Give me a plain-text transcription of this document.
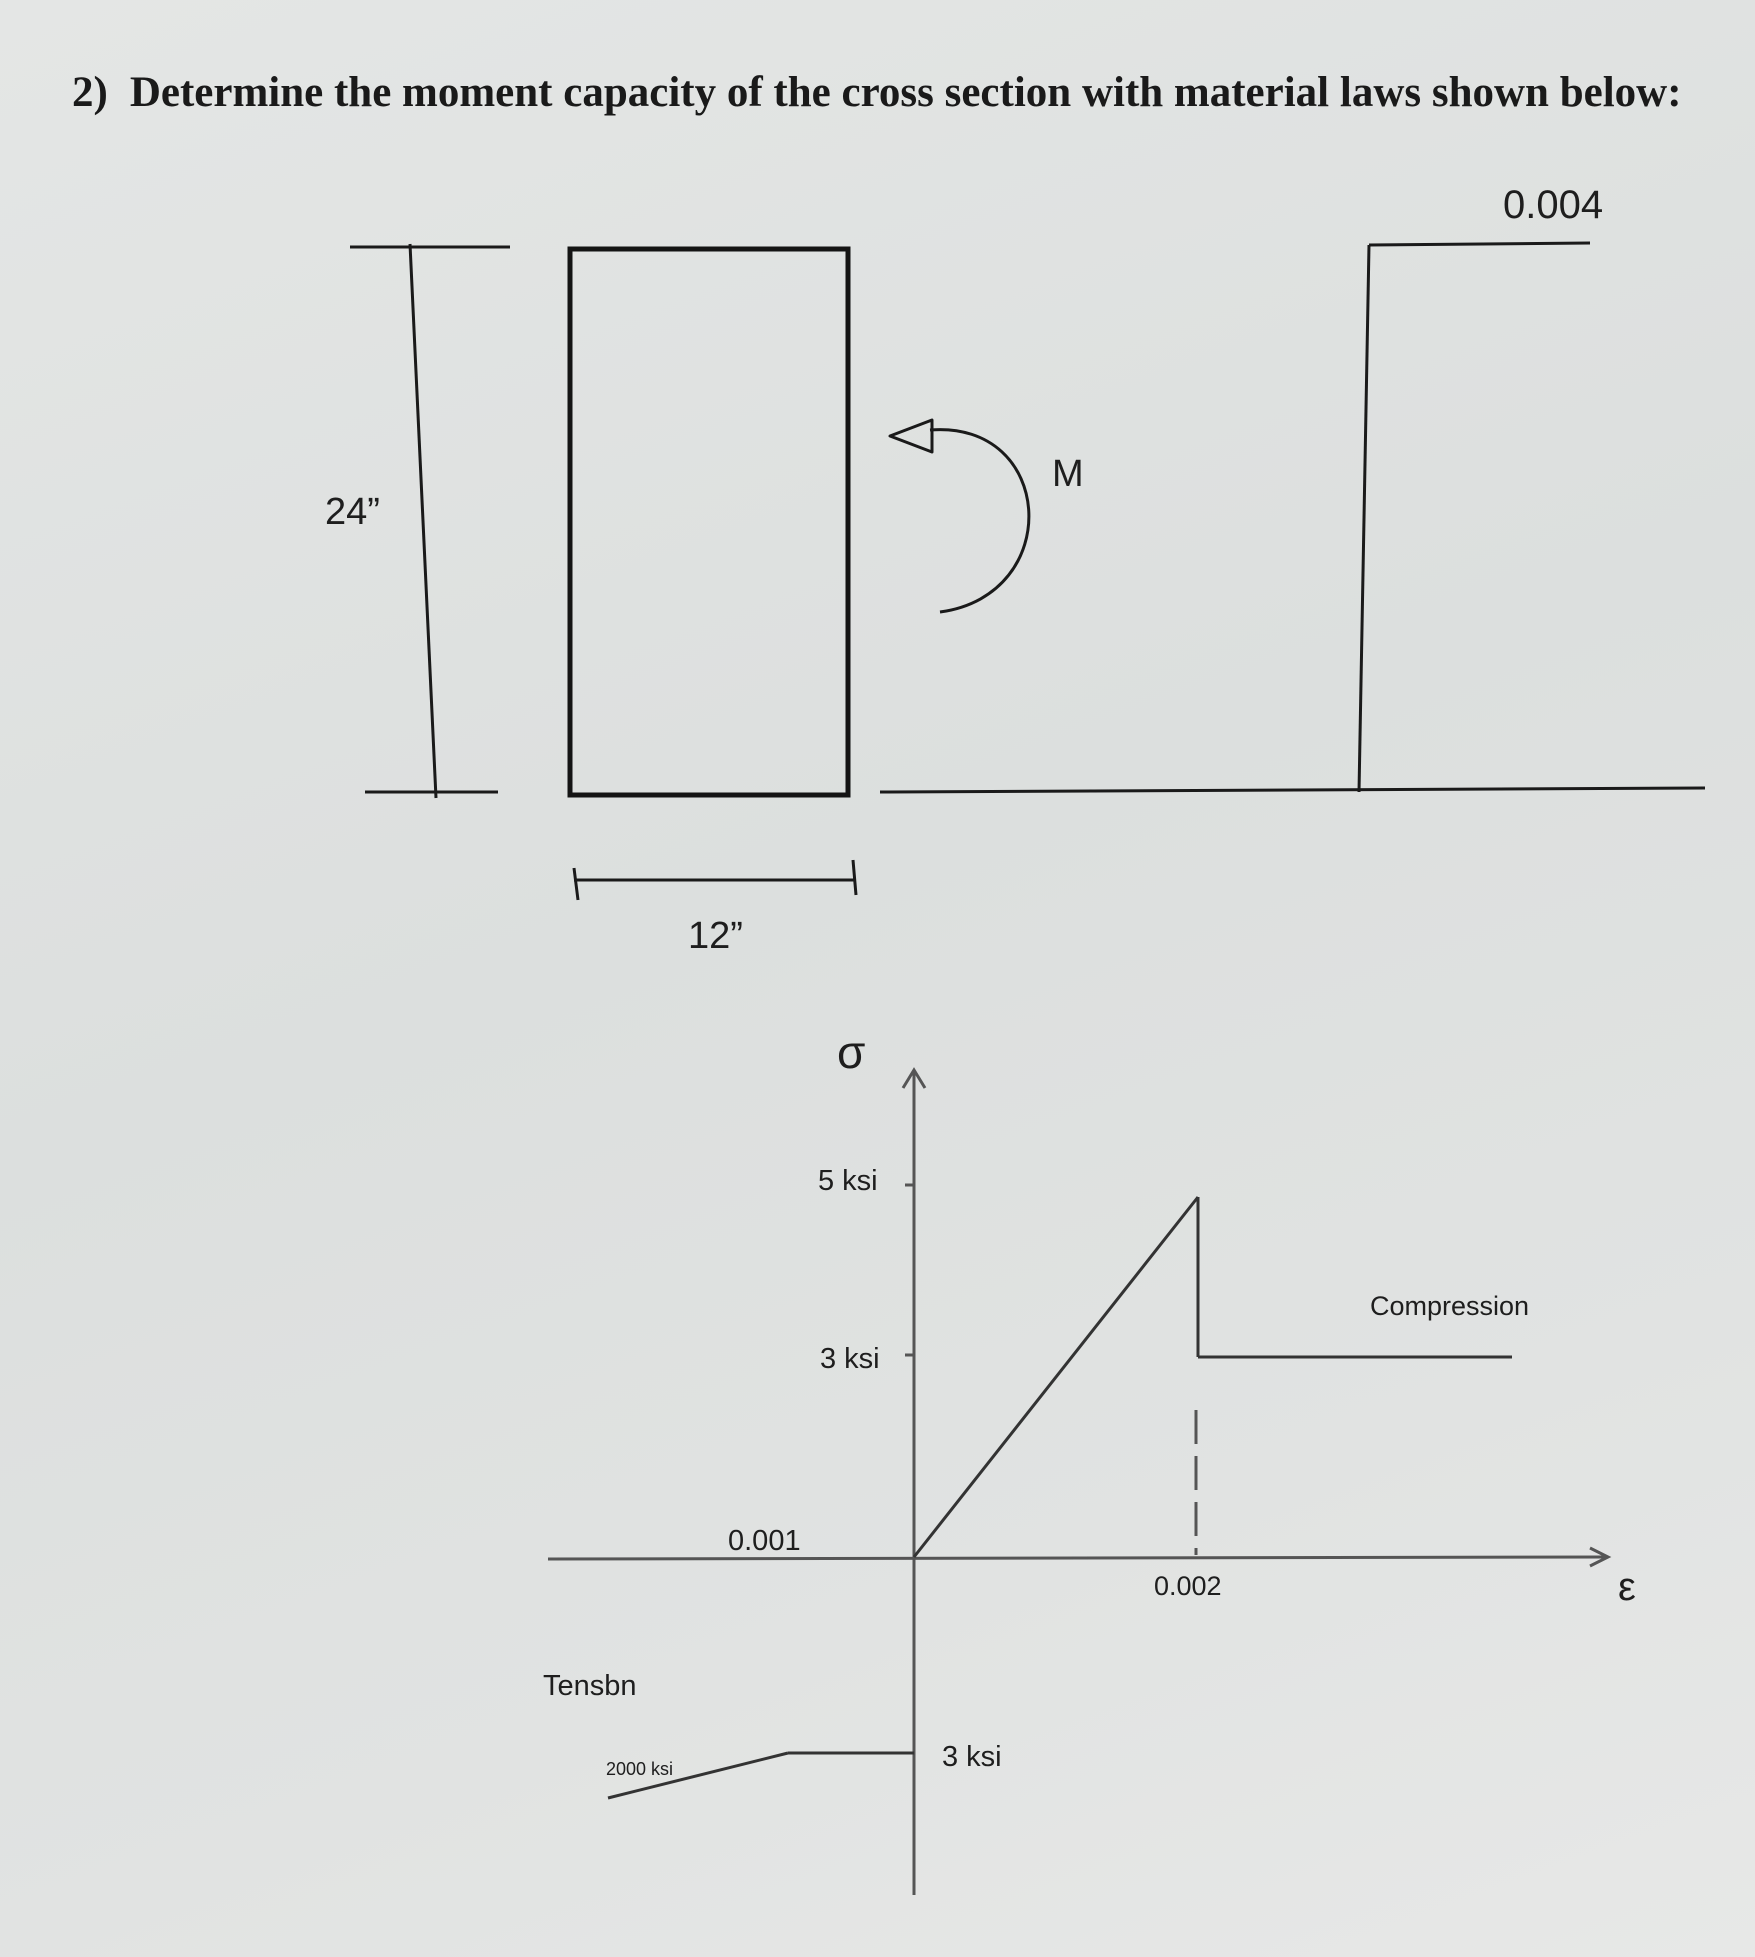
2) Determine the moment capacity of the cross section with material laws shown below:
24”
12”
M
0.004
σ
ε
Compression
0.002
5 ksi
3 ksi
0.001
Tensbn
3 ksi
2000 ksi
